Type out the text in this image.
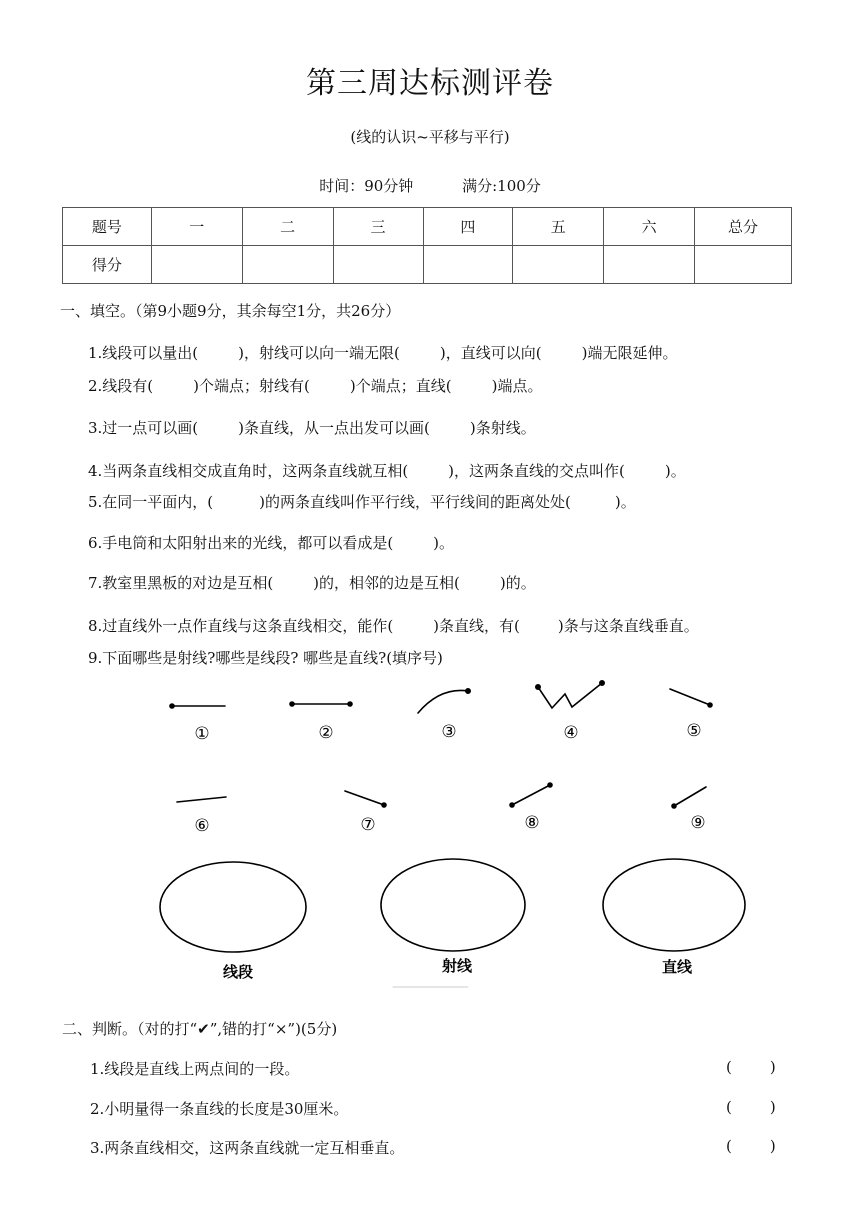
第三周达标测评卷
(线的认识~平移与平行)
时间：90分钟	满分:100分
题号	一	二	三	四	五	六	总分
得分							
一、填空。（第9小题9分，其余每空1分，共26分）
1.线段可以量出(	)，射线可以向一端无限(	)，直线可以向(	)端无限延伸。
2.线段有(	)个端点；射线有(	)个端点；直线(	)端点。
3.过一点可以画(	)条直线，从一点出发可以画(	)条射线。
4.当两条直线相交成直角时，这两条直线就互相(	)，这两条直线的交点叫作(	)。
5.在同一平面内，(	)的两条直线叫作平行线，平行线间的距离处处(	)。
6.手电筒和太阳射出来的光线，都可以看成是(	)。
7.教室里黑板的对边是互相(	)的，相邻的边是互相(	)的。
8.过直线外一点作直线与这条直线相交，能作(	)条直线，有(	)条与这条直线垂直。
9.下面哪些是射线?哪些是线段? 哪些是直线?(填序号)
①	②	③	④	⑤
⑥	⑦	⑧	⑨
线段	射线	直线
二、判断。（对的打“✔”,错的打“×”)(5分)
1.线段是直线上两点间的一段。	(	)
2.小明量得一条直线的长度是30厘米。	(	)
3.两条直线相交，这两条直线就一定互相垂直。	(	)
